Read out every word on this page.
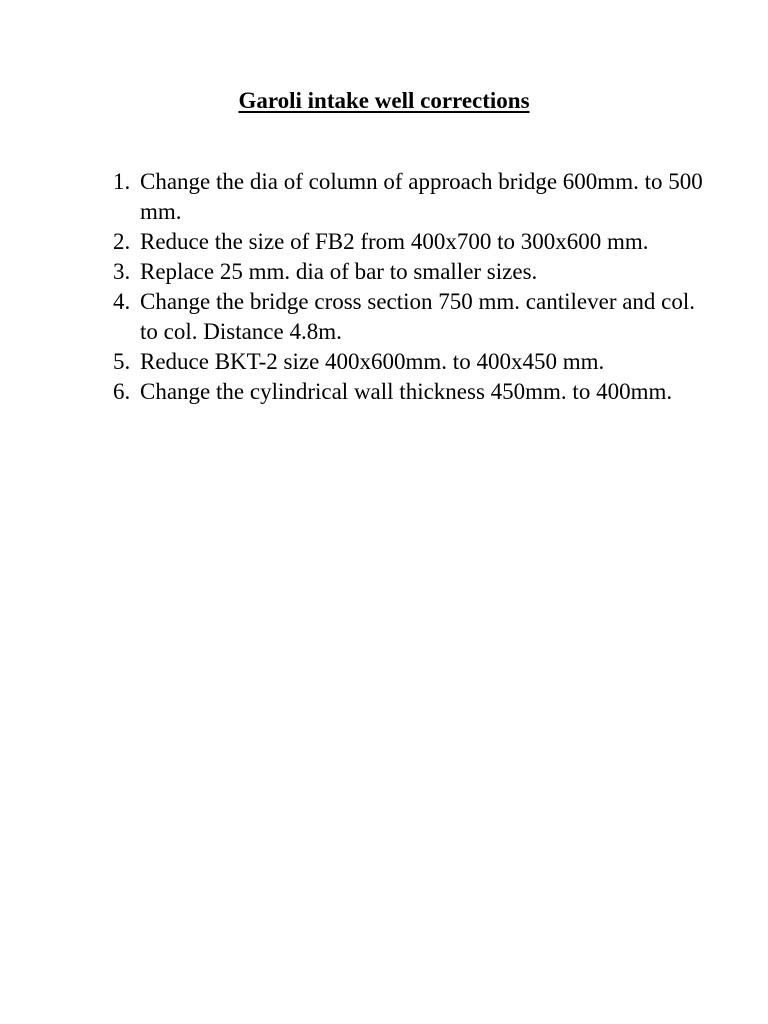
Garoli intake well corrections
1. Change the dia of column of approach bridge 600mm. to 500 mm.
2. Reduce the size of FB2 from 400x700 to 300x600 mm.
3. Replace 25 mm. dia of bar to smaller sizes.
4. Change the bridge cross section 750 mm. cantilever and col. to col. Distance 4.8m.
5. Reduce BKT-2 size 400x600mm. to 400x450 mm.
6. Change the cylindrical wall thickness 450mm. to 400mm.
